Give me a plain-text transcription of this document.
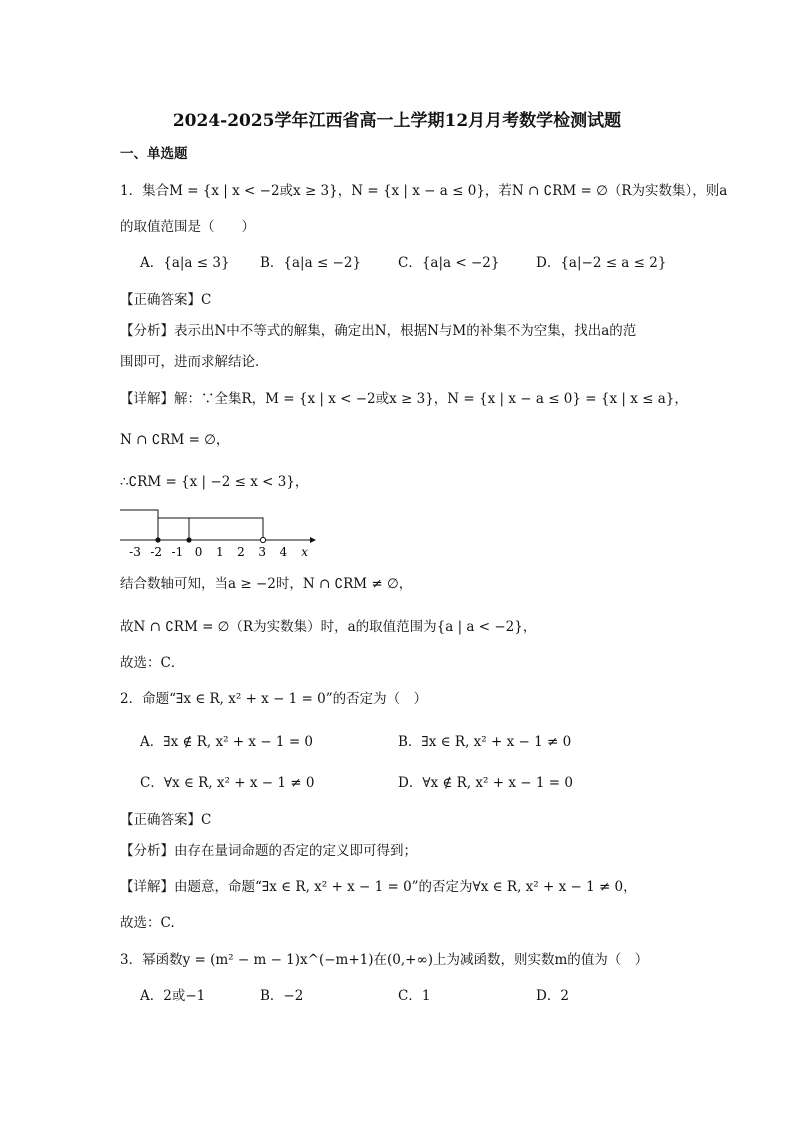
2024-2025学年江西省高一上学期12月月考数学检测试题
一、单选题
1．集合M = {x | x < −2或x ≥ 3}，N = {x | x − a ≤ 0}，若N ∩ ∁RM = ∅（R为实数集），则a
的取值范围是（　　）
A．{a|a ≤ 3} B．{a|a ≤ −2}	C．{a|a < −2}	D．{a|−2 ≤ a ≤ 2}
【正确答案】C
【分析】表示出N中不等式的解集，确定出N，根据N与M的补集不为空集，找出a的范
围即可，进而求解结论．
【详解】解：∵全集R，M = {x | x < −2或x ≥ 3}，N = {x | x − a ≤ 0} = {x | x ≤ a}，
N ∩ ∁RM = ∅，
∴∁RM = {x | −2 ≤ x < 3}，
-3 -2 -1 0 1 2 3 4 x
结合数轴可知，当a ≥ −2时，N ∩ ∁RM ≠ ∅，
故N ∩ ∁RM = ∅（R为实数集）时，a的取值范围为{a | a < −2}，
故选：C．
2．命题“∃x ∈ R, x² + x − 1 = 0”的否定为（　）
A．∃x ∉ R, x² + x − 1 = 0	B．∃x ∈ R, x² + x − 1 ≠ 0
C．∀x ∈ R, x² + x − 1 ≠ 0	D．∀x ∉ R, x² + x − 1 = 0
【正确答案】C
【分析】由存在量词命题的否定的定义即可得到；
【详解】由题意，命题“∃x ∈ R, x² + x − 1 = 0”的否定为∀x ∈ R, x² + x − 1 ≠ 0，
故选：C.
3．幂函数y = (m² − m − 1)x^(−m+1)在(0,+∞)上为减函数，则实数m的值为（　）
A．2或−1	B．−2	C．1	D．2
